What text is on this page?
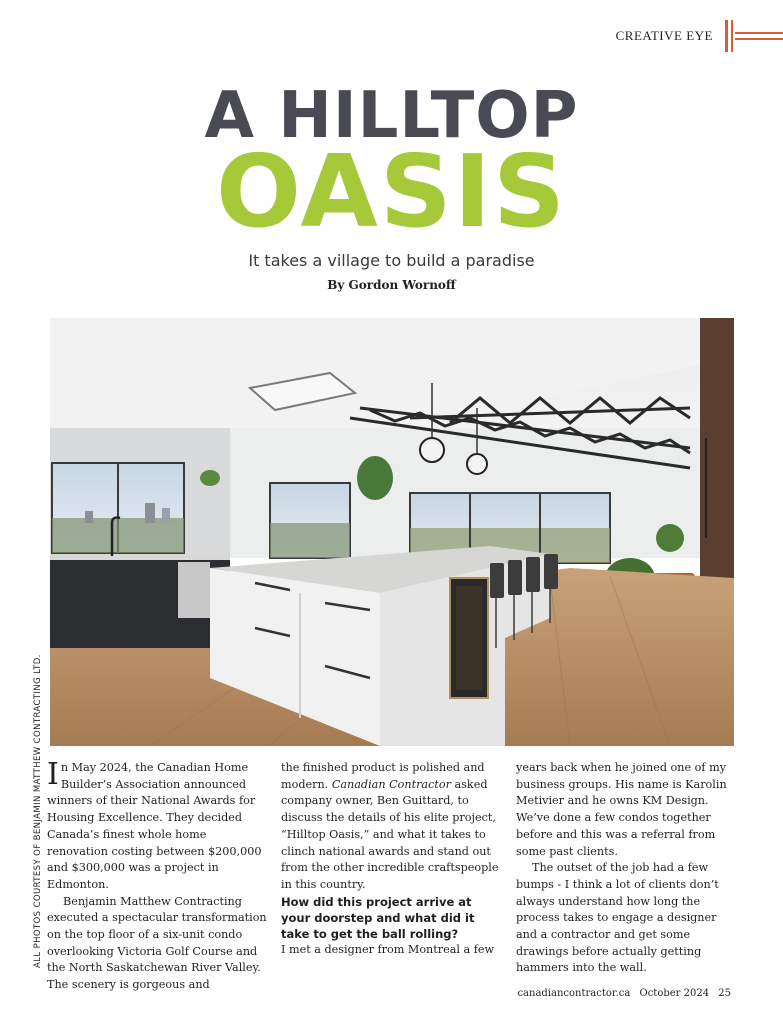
CREATIVE EYE
A HILLTOP
OASIS
It takes a village to build a paradise
By Gordon Wornoff
ALL PHOTOS COURTESY OF BENJAMIN MATTHEW CONTRACTING LTD. In May 2024, the Canadian Home Builder’s Association announced winners of their National Awards for Housing Excellence. They decided Canada’s finest whole home renovation costing between $200,000 and $300,000 was a project in Edmonton.

Benjamin Matthew Contracting executed a spectacular transformation on the top floor of a six-unit condo overlooking Victoria Golf Course and the North Saskatchewan River Valley. The scenery is gorgeous and

the finished product is polished and modern. Canadian Contractor asked company owner, Ben Guittard, to discuss the details of his elite project, “Hilltop Oasis,” and what it takes to clinch national awards and stand out from the other incredible craftspeople in this country.

How did this project arrive at your doorstep and what did it take to get the ball rolling?

I met a designer from Montreal a few

years back when he joined one of my business groups. His name is Karolin Metivier and he owns KM Design. We’ve done a few condos together before and this was a referral from some past clients.

The outset of the job had a few bumps - I think a lot of clients don’t always understand how long the process takes to engage a designer and a contractor and get some drawings before actually getting hammers into the wall.

canadiancontractor.ca October 2024 25
